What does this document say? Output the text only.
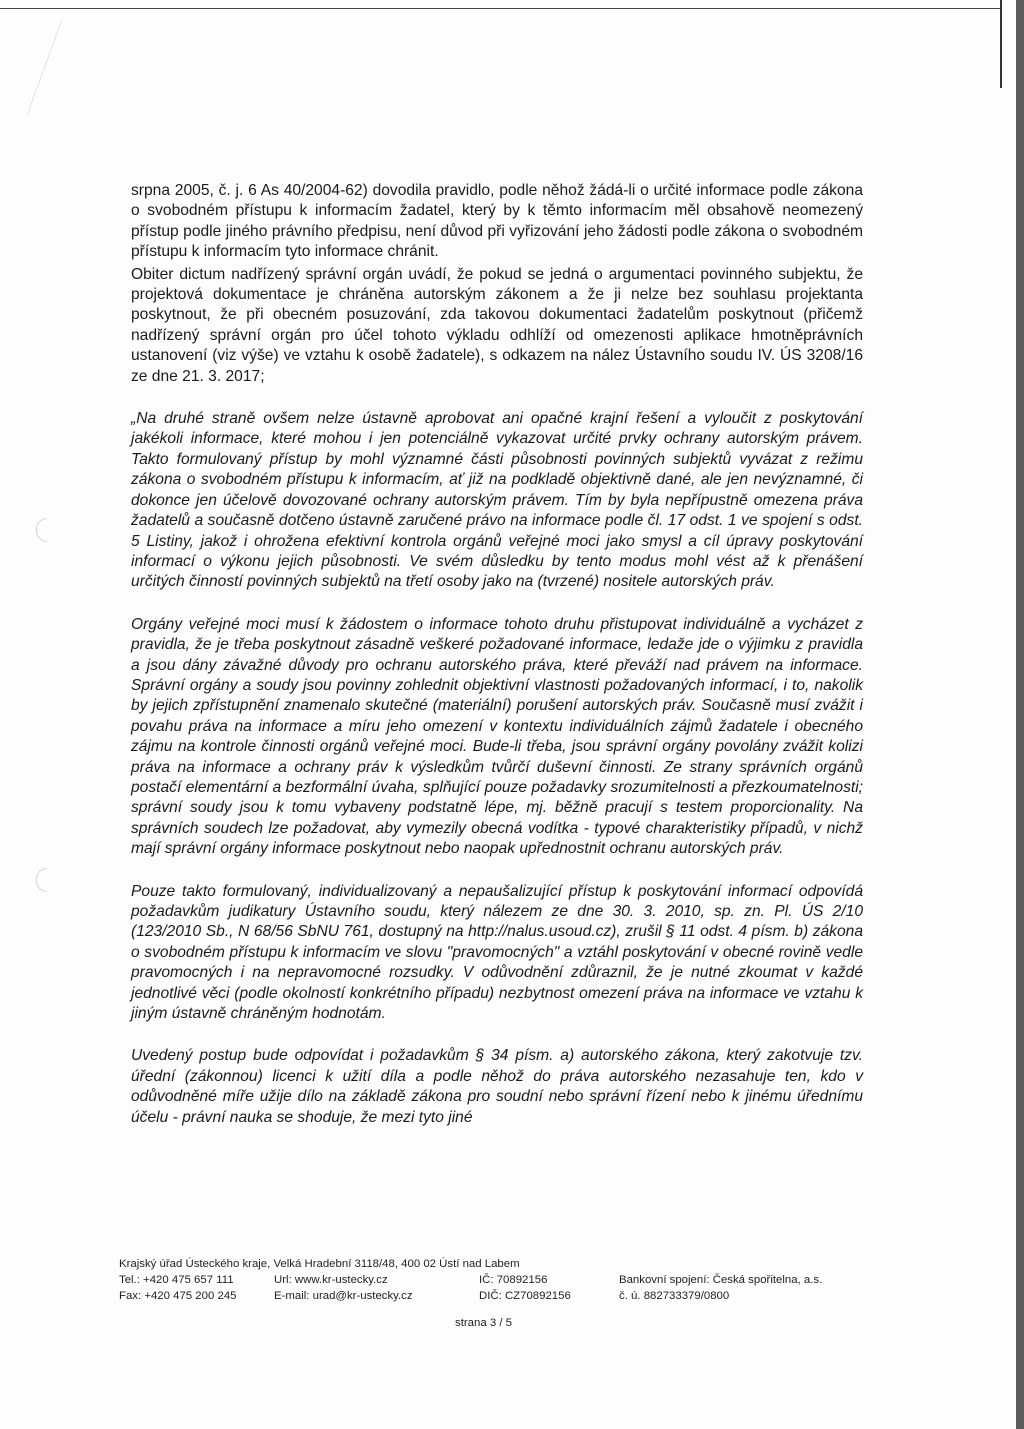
srpna 2005, č. j. 6 As 40/2004-62) dovodila pravidlo, podle něhož žádá-li o určité informace podle zákona o svobodném přístupu k informacím žadatel, který by k těmto informacím měl obsahově neomezený přístup podle jiného právního předpisu, není důvod při vyřizování jeho žádosti podle zákona o svobodném přístupu k informacím tyto informace chránit.

Obiter dictum nadřízený správní orgán uvádí, že pokud se jedná o argumentaci povinného subjektu, že projektová dokumentace je chráněna autorským zákonem a že ji nelze bez souhlasu projektanta poskytnout, že při obecném posuzování, zda takovou dokumentaci žadatelům poskytnout (přičemž nadřízený správní orgán pro účel tohoto výkladu odhlíží od omezenosti aplikace hmotněprávních ustanovení (viz výše) ve vztahu k osobě žadatele), s odkazem na nález Ústavního soudu IV. ÚS 3208/16 ze dne 21. 3. 2017;

„Na druhé straně ovšem nelze ústavně aprobovat ani opačné krajní řešení a vyloučit z poskytování jakékoli informace, které mohou i jen potenciálně vykazovat určité prvky ochrany autorským právem. Takto formulovaný přístup by mohl významné části působnosti povinných subjektů vyvázat z režimu zákona o svobodném přístupu k informacím, ať již na podkladě objektivně dané, ale jen nevýznamné, či dokonce jen účelově dovozované ochrany autorským právem. Tím by byla nepřípustně omezena práva žadatelů a současně dotčeno ústavně zaručené právo na informace podle čl. 17 odst. 1 ve spojení s odst. 5 Listiny, jakož i ohrožena efektivní kontrola orgánů veřejné moci jako smysl a cíl úpravy poskytování informací o výkonu jejich působnosti. Ve svém důsledku by tento modus mohl vést až k přenášení určitých činností povinných subjektů na třetí osoby jako na (tvrzené) nositele autorských práv.

Orgány veřejné moci musí k žádostem o informace tohoto druhu přistupovat individuálně a vycházet z pravidla, že je třeba poskytnout zásadně veškeré požadované informace, ledaže jde o výjimku z pravidla a jsou dány závažné důvody pro ochranu autorského práva, které převáží nad právem na informace. Správní orgány a soudy jsou povinny zohlednit objektivní vlastnosti požadovaných informací, i to, nakolik by jejich zpřístupnění znamenalo skutečné (materiální) porušení autorských práv. Současně musí zvážit i povahu práva na informace a míru jeho omezení v kontextu individuálních zájmů žadatele i obecného zájmu na kontrole činnosti orgánů veřejné moci. Bude-li třeba, jsou správní orgány povolány zvážit kolizi práva na informace a ochrany práv k výsledkům tvůrčí duševní činnosti. Ze strany správních orgánů postačí elementární a bezformální úvaha, splňující pouze požadavky srozumitelnosti a přezkoumatelnosti; správní soudy jsou k tomu vybaveny podstatně lépe, mj. běžně pracují s testem proporcionality. Na správních soudech lze požadovat, aby vymezily obecná vodítka - typové charakteristiky případů, v nichž mají správní orgány informace poskytnout nebo naopak upřednostnit ochranu autorských práv.

Pouze takto formulovaný, individualizovaný a nepaušalizující přístup k poskytování informací odpovídá požadavkům judikatury Ústavního soudu, který nálezem ze dne 30. 3. 2010, sp. zn. Pl. ÚS 2/10 (123/2010 Sb., N 68/56 SbNU 761, dostupný na http://nalus.usoud.cz), zrušil § 11 odst. 4 písm. b) zákona o svobodném přístupu k informacím ve slovu "pravomocných" a vztáhl poskytování v obecné rovině vedle pravomocných i na nepravomocné rozsudky. V odůvodnění zdůraznil, že je nutné zkoumat v každé jednotlivé věci (podle okolností konkrétního případu) nezbytnost omezení práva na informace ve vztahu k jiným ústavně chráněným hodnotám.

Uvedený postup bude odpovídat i požadavkům § 34 písm. a) autorského zákona, který zakotvuje tzv. úřední (zákonnou) licenci k užití díla a podle něhož do práva autorského nezasahuje ten, kdo v odůvodněné míře užije dílo na základě zákona pro soudní nebo správní řízení nebo k jinému úřednímu účelu - právní nauka se shoduje, že mezi tyto jiné

Krajský úřad Ústeckého kraje, Velká Hradební 3118/48, 400 02 Ústí nad Labem
Tel.: +420 475 657 111	Url: www.kr-ustecky.cz	IČ: 70892156	Bankovní spojení: Česká spořitelna, a.s.
Fax: +420 475 200 245	E-mail: urad@kr-ustecky.cz	DIČ: CZ70892156	č. ú. 882733379/0800
strana 3 / 5
